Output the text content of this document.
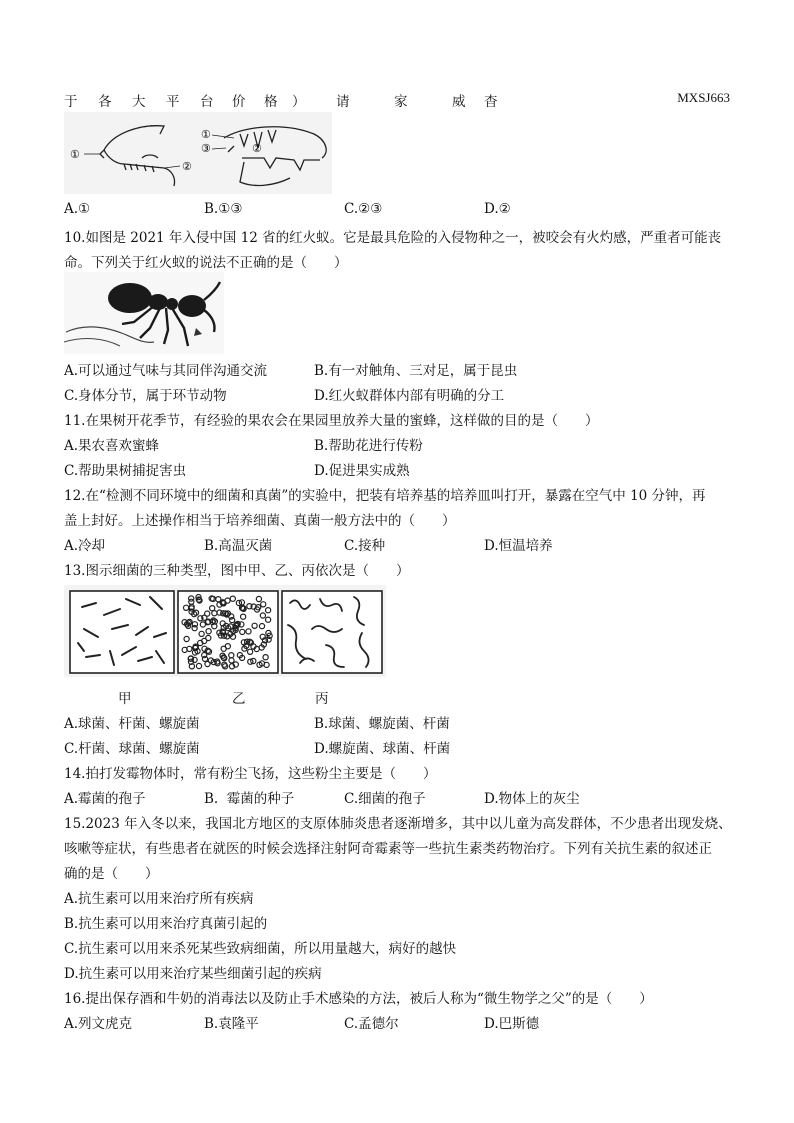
于 各 大 平 台 价 格 ） 请	家	威 杳	MXSJ663
①
②
①
③	②
A.①	B.①③	C.②③	D.②
10.如图是 2021 年入侵中国 12 省的红火蚁。它是最具危险的入侵物种之一，被咬会有火灼感，严重者可能丧
命。下列关于红火蚁的说法不正确的是（　　）
A.可以通过气味与其同伴沟通交流	B.有一对触角、三对足，属于昆虫
C.身体分节，属于环节动物	D.红火蚁群体内部有明确的分工
11.在果树开花季节，有经验的果农会在果园里放养大量的蜜蜂，这样做的目的是（　　）
A.果农喜欢蜜蜂	B.帮助花进行传粉
C.帮助果树捕捉害虫	D.促进果实成熟
12.在“检测不同环境中的细菌和真菌”的实验中，把装有培养基的培养皿叫打开，暴露在空气中 10 分钟，再
盖上封好。上述操作相当于培养细菌、真菌一般方法中的（　　）
A.冷却	B.高温灭菌	C.接种	D.恒温培养
13.图示细菌的三种类型，图中甲、乙、丙依次是（　　）
甲	乙	丙
A.球菌、杆菌、螺旋菌	B.球菌、螺旋菌、杆菌
C.杆菌、球菌、螺旋菌	D.螺旋菌、球菌、杆菌
14.拍打发霉物体时，常有粉尘飞扬，这些粉尘主要是（　　）
A.霉菌的孢子	B.  霉菌的种子	C.细菌的孢子	D.物体上的灰尘
15.2023 年入冬以来，我国北方地区的支原体肺炎患者逐渐增多，其中以儿童为高发群体，不少患者出现发烧、
咳嗽等症状，有些患者在就医的时候会选择注射阿奇霉素等一些抗生素类药物治疗。下列有关抗生素的叙述正
确的是（　　）
A.抗生素可以用来治疗所有疾病
B.抗生素可以用来治疗真菌引起的
C.抗生素可以用来杀死某些致病细菌，所以用量越大，病好的越快
D.抗生素可以用来治疗某些细菌引起的疾病
16.提出保存酒和牛奶的消毒法以及防止手术感染的方法，被后人称为“微生物学之父”的是（　　）
A.列文虎克	B.袁隆平	C.孟德尔	D.巴斯德
